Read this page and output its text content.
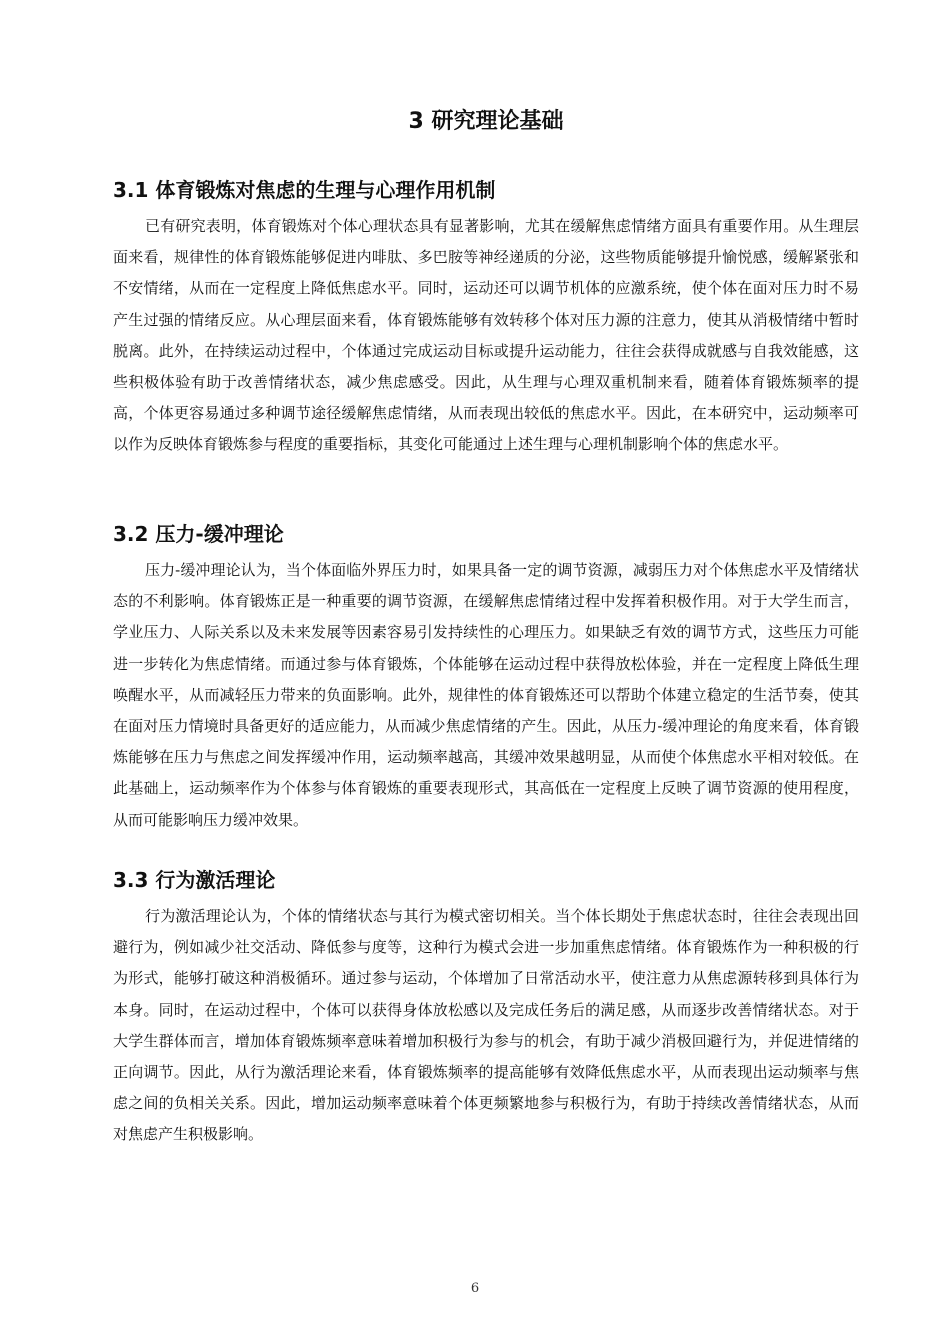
3 研究理论基础
3.1 体育锻炼对焦虑的生理与心理作用机制

已有研究表明，体育锻炼对个体心理状态具有显著影响，尤其在缓解焦虑情绪方面具有重要作用。从生理层面来看，规律性的体育锻炼能够促进内啡肽、多巴胺等神经递质的分泌，这些物质能够提升愉悦感，缓解紧张和不安情绪，从而在一定程度上降低焦虑水平。同时，运动还可以调节机体的应激系统，使个体在面对压力时不易产生过强的情绪反应。从心理层面来看，体育锻炼能够有效转移个体对压力源的注意力，使其从消极情绪中暂时脱离。此外，在持续运动过程中，个体通过完成运动目标或提升运动能力，往往会获得成就感与自我效能感，这些积极体验有助于改善情绪状态，减少焦虑感受。因此，从生理与心理双重机制来看，随着体育锻炼频率的提高，个体更容易通过多种调节途径缓解焦虑情绪，从而表现出较低的焦虑水平。因此，在本研究中，运动频率可以作为反映体育锻炼参与程度的重要指标，其变化可能通过上述生理与心理机制影响个体的焦虑水平。

3.2 压力-缓冲理论

压力-缓冲理论认为，当个体面临外界压力时，如果具备一定的调节资源，减弱压力对个体焦虑水平及情绪状态的不利影响。体育锻炼正是一种重要的调节资源，在缓解焦虑情绪过程中发挥着积极作用。对于大学生而言，学业压力、人际关系以及未来发展等因素容易引发持续性的心理压力。如果缺乏有效的调节方式，这些压力可能进一步转化为焦虑情绪。而通过参与体育锻炼，个体能够在运动过程中获得放松体验，并在一定程度上降低生理唤醒水平，从而减轻压力带来的负面影响。此外，规律性的体育锻炼还可以帮助个体建立稳定的生活节奏，使其在面对压力情境时具备更好的适应能力，从而减少焦虑情绪的产生。因此，从压力-缓冲理论的角度来看，体育锻炼能够在压力与焦虑之间发挥缓冲作用，运动频率越高，其缓冲效果越明显，从而使个体焦虑水平相对较低。在此基础上，运动频率作为个体参与体育锻炼的重要表现形式，其高低在一定程度上反映了调节资源的使用程度，从而可能影响压力缓冲效果。

3.3 行为激活理论

行为激活理论认为，个体的情绪状态与其行为模式密切相关。当个体长期处于焦虑状态时，往往会表现出回避行为，例如减少社交活动、降低参与度等，这种行为模式会进一步加重焦虑情绪。体育锻炼作为一种积极的行为形式，能够打破这种消极循环。通过参与运动，个体增加了日常活动水平，使注意力从焦虑源转移到具体行为本身。同时，在运动过程中，个体可以获得身体放松感以及完成任务后的满足感，从而逐步改善情绪状态。对于大学生群体而言，增加体育锻炼频率意味着增加积极行为参与的机会，有助于减少消极回避行为，并促进情绪的正向调节。因此，从行为激活理论来看，体育锻炼频率的提高能够有效降低焦虑水平，从而表现出运动频率与焦虑之间的负相关关系。因此，增加运动频率意味着个体更频繁地参与积极行为，有助于持续改善情绪状态，从而对焦虑产生积极影响。

6
